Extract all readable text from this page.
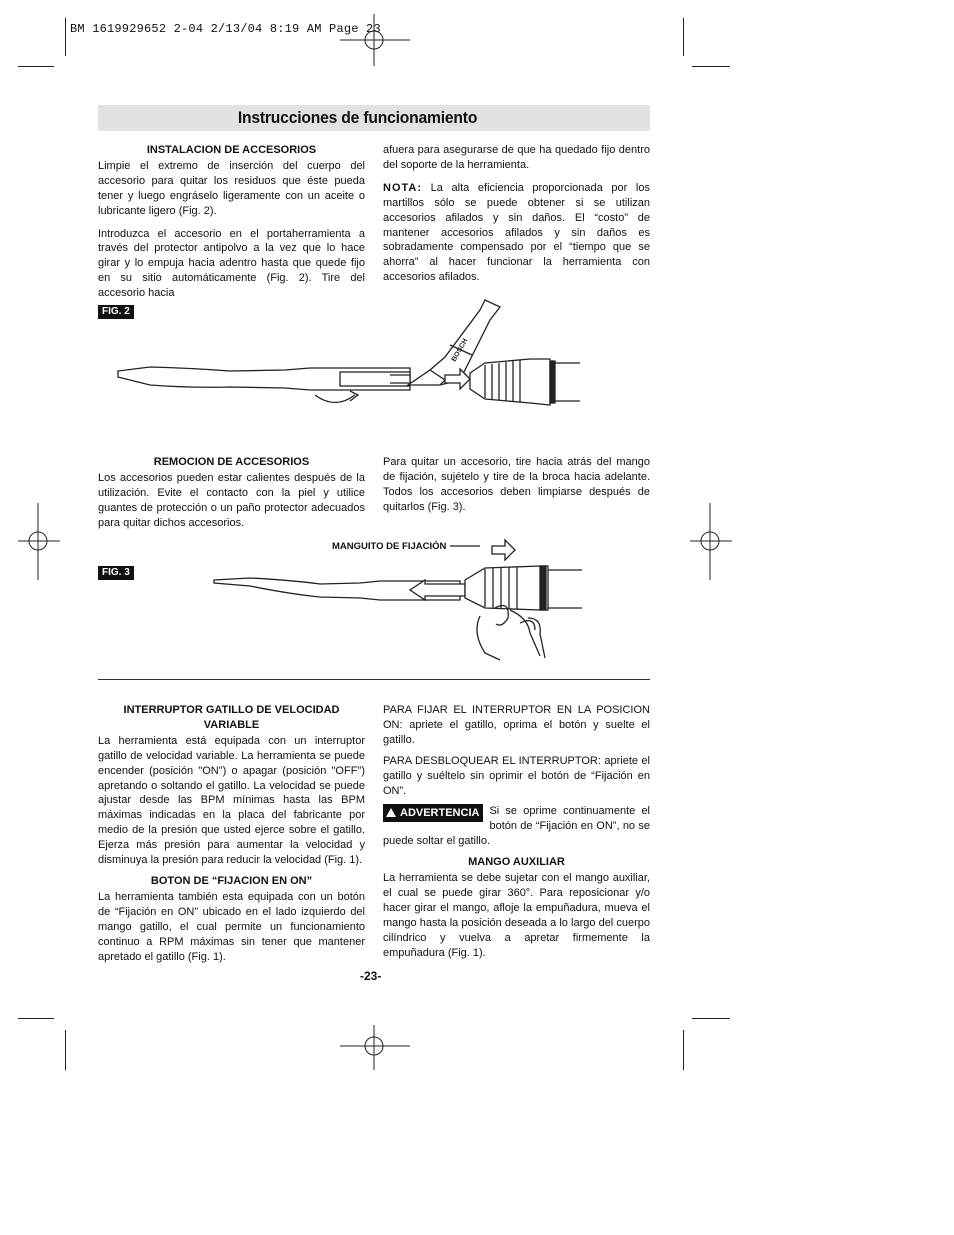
BM 1619929652 2-04 2/13/04 8:19 AM Page 23
Instrucciones de funcionamiento
INSTALACION DE ACCESORIOS

Limpie el extremo de inserción del cuerpo del accesorio para quitar los residuos que éste pueda tener y luego engráselo ligeramente con un aceite o lubricante ligero (Fig. 2).

Introduzca el accesorio en el portaherramienta a través del protector antipolvo a la vez que lo hace girar y lo empuja hacia adentro hasta que quede fijo en su sitio automáticamente (Fig. 2). Tire del accesorio hacia

afuera para asegurarse de que ha quedado fijo dentro del soporte de la herramienta.

NOTA: La alta eficiencia proporcionada por los martillos sólo se puede obtener si se utilizan accesorios afilados y sin daños. El “costo” de mantener accesorios afilados y sin daños es sobradamente compensado por el “tiempo que se ahorra” al hacer funcionar la herramienta con accesorios afilados.

FIG. 2
BOSCH
REMOCION DE ACCESORIOS

Los accesorios pueden estar calientes después de la utilización. Evite el contacto con la piel y utilice guantes de protección o un paño protector adecuados para quitar dichos accesorios.

Para quitar un accesorio, tire hacia atrás del mango de fijación, sujételo y tire de la broca hacia adelante. Todos los accesorios deben limpiarse después de quitarlos (Fig. 3).

FIG. 3
MANGUITO DE FIJACIÓN
INTERRUPTOR GATILLO DE VELOCIDAD VARIABLE

La herramienta está equipada con un interruptor gatillo de velocidad variable. La herramienta se puede encender (posición "ON") o apagar (posición "OFF") apretando o soltando el gatillo. La velocidad se puede ajustar desde las BPM mínimas hasta las BPM máximas indicadas en la placa del fabricante por medio de la presión que usted ejerce sobre el gatillo. Ejerza más presión para aumentar la velocidad y disminuya la presión para reducir la velocidad (Fig. 1).

BOTON DE “FIJACION EN ON”

La herramienta también esta equipada con un botón de “Fijación en ON” ubicado en el lado izquierdo del mango gatillo, el cual permite un funcionamiento continuo a RPM máximas sin tener que mantener apretado el gatillo (Fig. 1).

PARA FIJAR EL INTERRUPTOR EN LA POSICION ON: apriete el gatillo, oprima el botón y suelte el gatillo.

PARA DESBLOQUEAR EL INTERRUPTOR: apriete el gatillo y suéltelo sin oprimir el botón de “Fijación en ON”.

ADVERTENCIA Si se oprime continuamente el botón de “Fijación en ON”, no se puede soltar el gatillo.

MANGO AUXILIAR

La herramienta se debe sujetar con el mango auxiliar, el cual se puede girar 360°. Para reposicionar y/o hacer girar el mango, afloje la empuñadura, mueva el mango hasta la posición deseada a lo largo del cuerpo cilíndrico y vuelva a apretar firmemente la empuñadura (Fig. 1).

-23-
